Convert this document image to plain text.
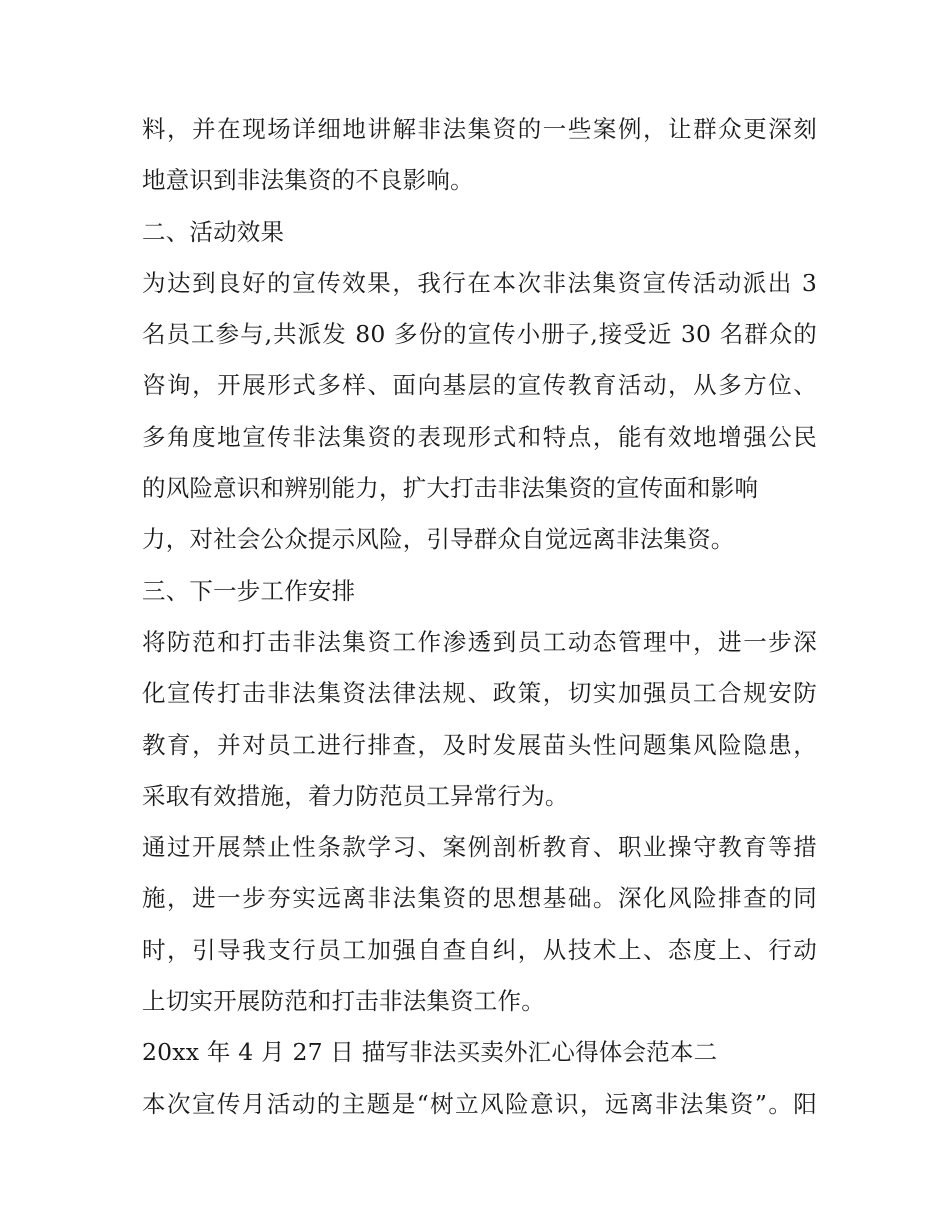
料，并在现场详细地讲解非法集资的一些案例，让群众更深刻
地意识到非法集资的不良影响。
二、活动效果
为达到良好的宣传效果，我行在本次非法集资宣传活动派出 3
名员工参与,共派发 80 多份的宣传小册子,接受近 30 名群众的
咨询，开展形式多样、面向基层的宣传教育活动，从多方位、
多角度地宣传非法集资的表现形式和特点，能有效地增强公民
的风险意识和辨别能力，扩大打击非法集资的宣传面和影响
力，对社会公众提示风险，引导群众自觉远离非法集资。
三、下一步工作安排
将防范和打击非法集资工作渗透到员工动态管理中，进一步深
化宣传打击非法集资法律法规、政策，切实加强员工合规安防
教育，并对员工进行排查，及时发展苗头性问题集风险隐患，
采取有效措施，着力防范员工异常行为。
通过开展禁止性条款学习、案例剖析教育、职业操守教育等措
施，进一步夯实远离非法集资的思想基础。深化风险排查的同
时，引导我支行员工加强自查自纠，从技术上、态度上、行动
上切实开展防范和打击非法集资工作。
20xx 年 4 月 27 日 描写非法买卖外汇心得体会范本二
本次宣传月活动的主题是“树立风险意识，远离非法集资”。阳
